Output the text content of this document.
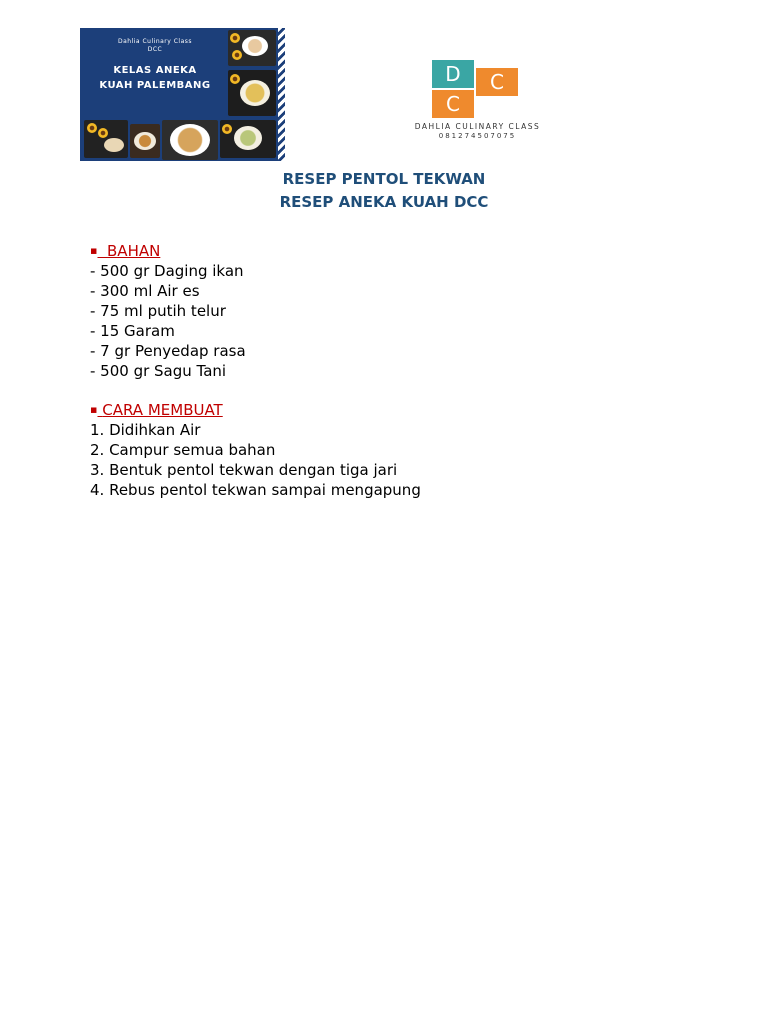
Dahlia Culinary Class
DCC
KELAS ANEKA
KUAH PALEMBANG	D	C
C
DAHLIA CULINARY CLASS
081274507075
RESEP PENTOL TEKWAN
RESEP ANEKA KUAH DCC
▪ BAHAN
- 500 gr Daging ikan
- 300 ml Air es
- 75 ml putih telur
- 15 Garam
- 7 gr Penyedap rasa
- 500 gr Sagu Tani
▪ CARA MEMBUAT
1. Didihkan Air
2. Campur semua bahan
3. Bentuk pentol tekwan dengan tiga jari
4. Rebus pentol tekwan sampai mengapung
